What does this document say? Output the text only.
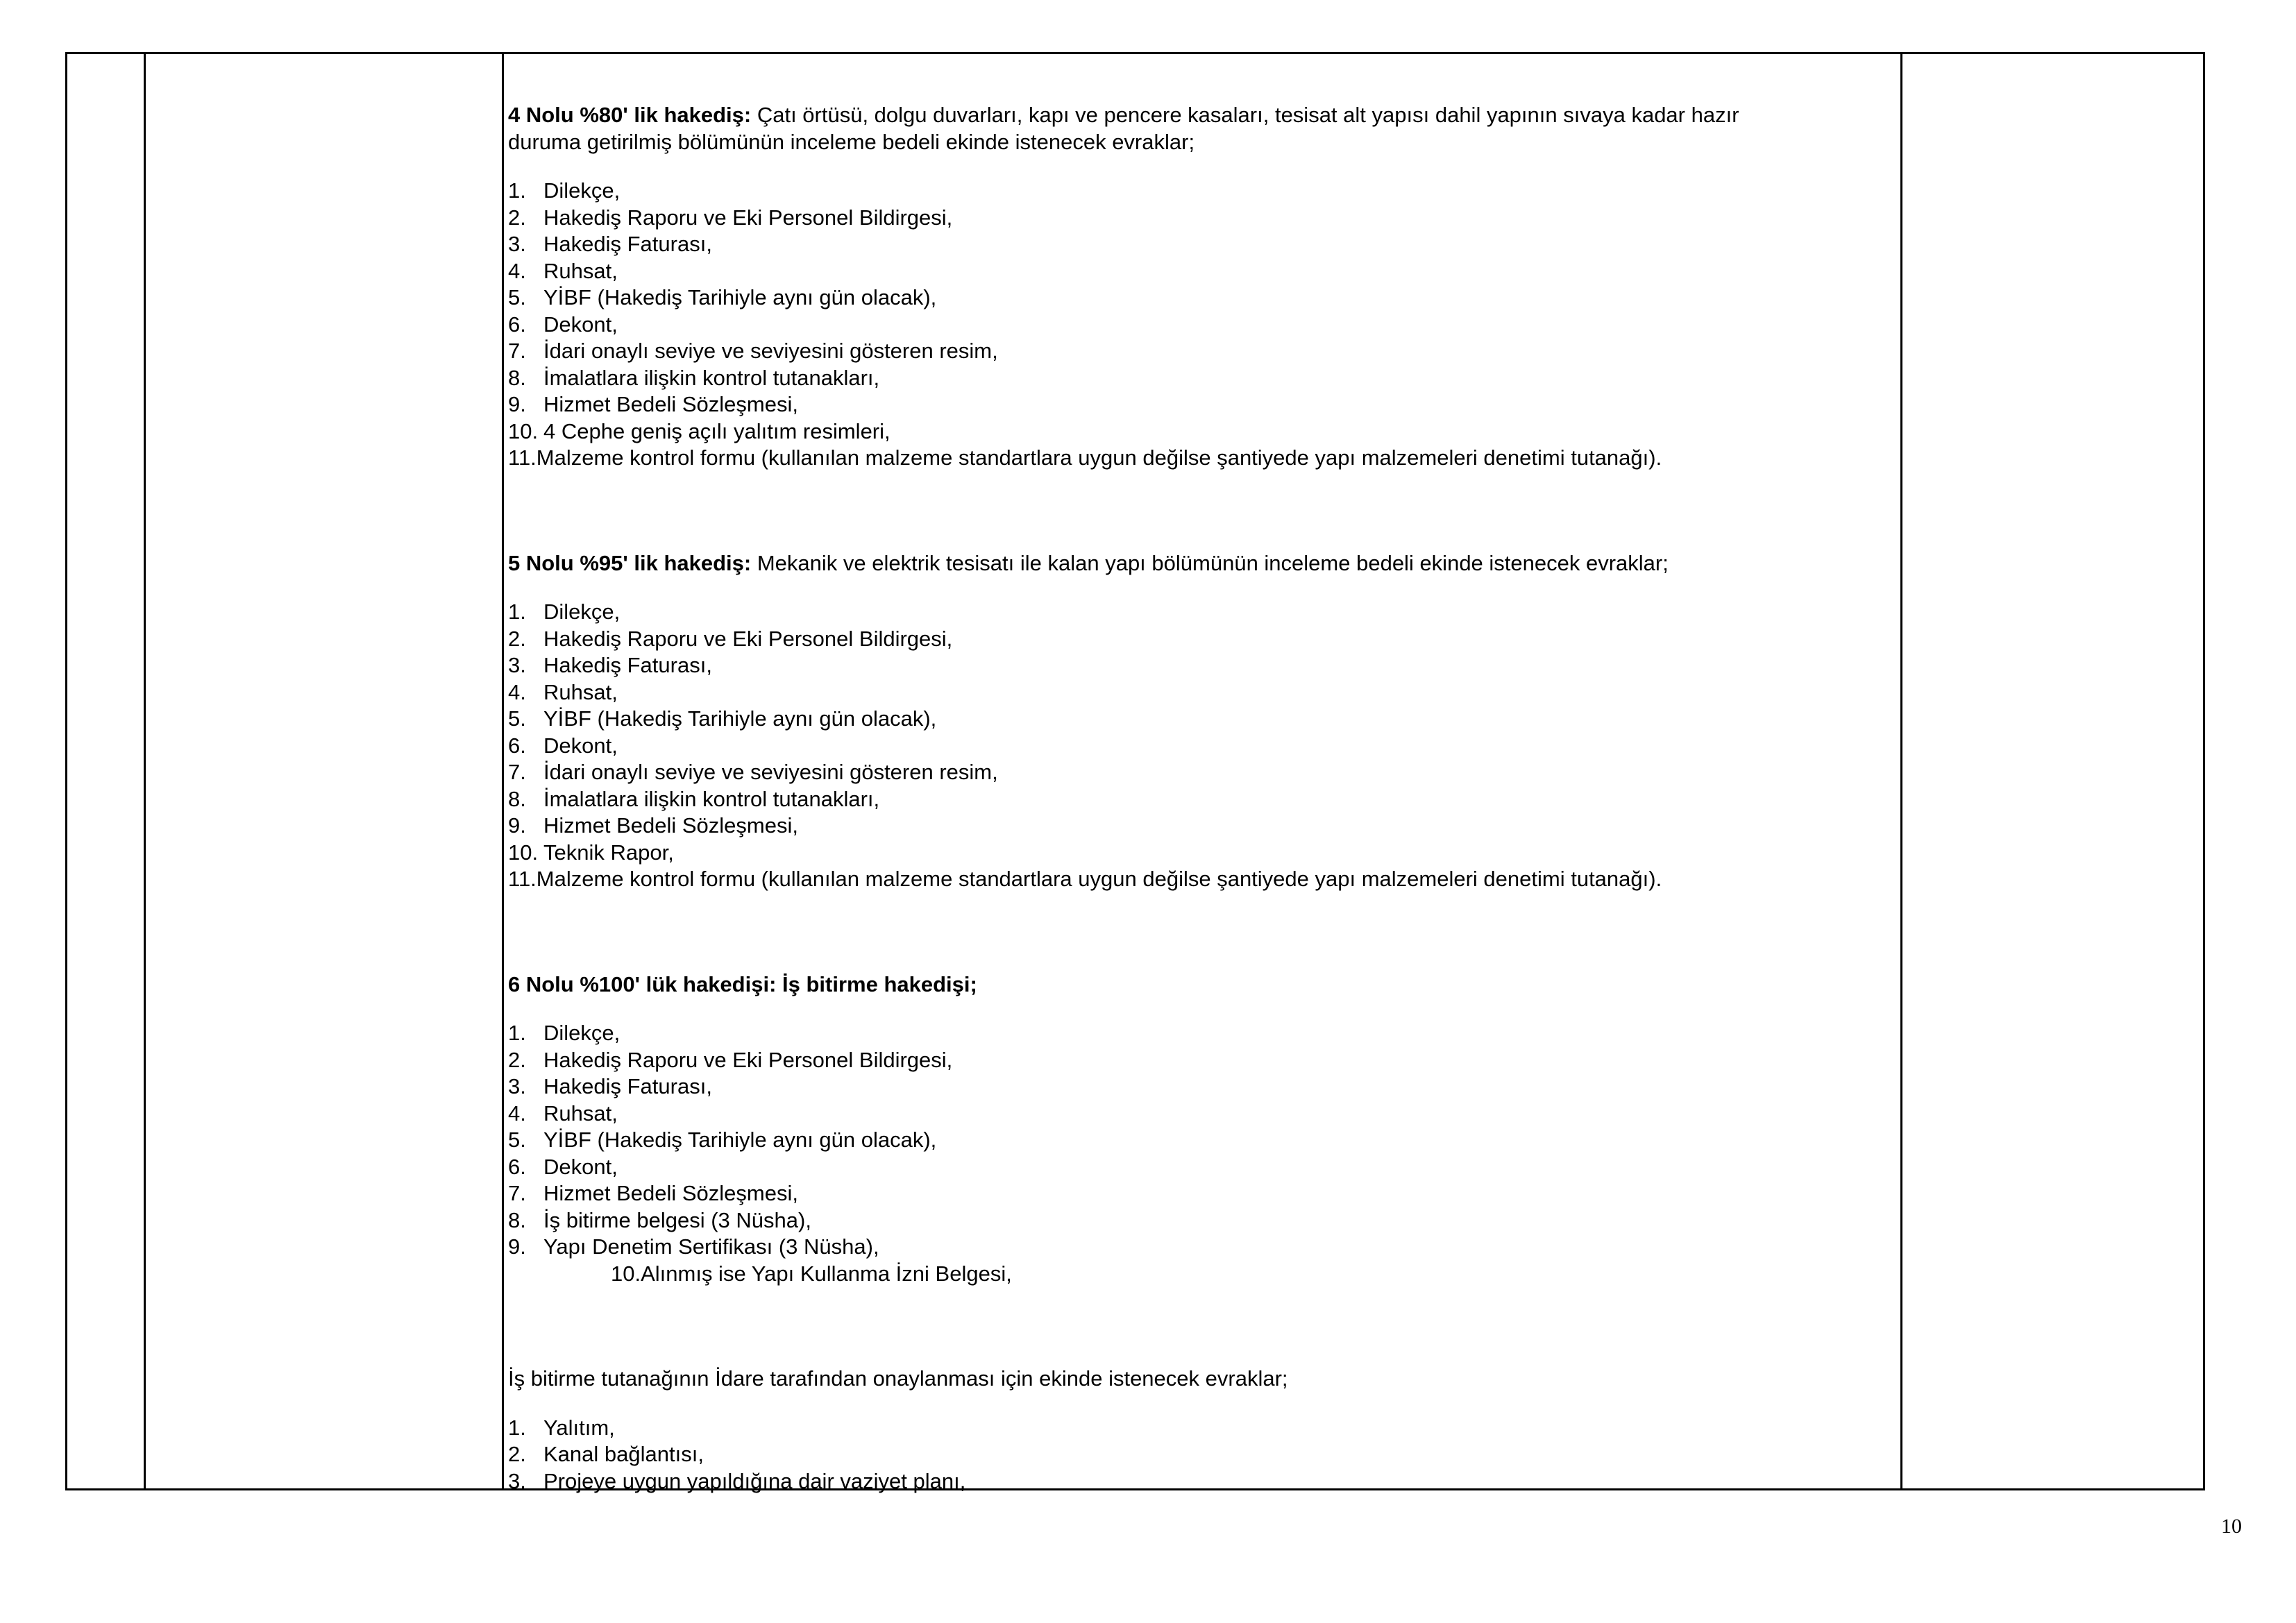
4 Nolu %80' lik hakediş: Çatı örtüsü, dolgu duvarları, kapı ve pencere kasaları, tesisat alt yapısı dahil yapının sıvaya kadar hazır
duruma getirilmiş bölümünün inceleme bedeli ekinde istenecek evraklar;
1. Dilekçe,
2. Hakediş Raporu ve Eki Personel Bildirgesi,
3. Hakediş Faturası,
4. Ruhsat,
5. YİBF (Hakediş Tarihiyle aynı gün olacak),
6. Dekont,
7. İdari onaylı seviye ve seviyesini gösteren resim,
8. İmalatlara ilişkin kontrol tutanakları,
9. Hizmet Bedeli Sözleşmesi,
10. 4 Cephe geniş açılı yalıtım resimleri,
11. Malzeme kontrol formu (kullanılan malzeme standartlara uygun değilse şantiyede yapı malzemeleri denetimi tutanağı).
5 Nolu %95' lik hakediş: Mekanik ve elektrik tesisatı ile kalan yapı bölümünün inceleme bedeli ekinde istenecek evraklar;
1. Dilekçe,
2. Hakediş Raporu ve Eki Personel Bildirgesi,
3. Hakediş Faturası,
4. Ruhsat,
5. YİBF (Hakediş Tarihiyle aynı gün olacak),
6. Dekont,
7. İdari onaylı seviye ve seviyesini gösteren resim,
8. İmalatlara ilişkin kontrol tutanakları,
9. Hizmet Bedeli Sözleşmesi,
10. Teknik Rapor,
11. Malzeme kontrol formu (kullanılan malzeme standartlara uygun değilse şantiyede yapı malzemeleri denetimi tutanağı).
6 Nolu %100' lük hakedişi: İş bitirme hakedişi;
1. Dilekçe,
2. Hakediş Raporu ve Eki Personel Bildirgesi,
3. Hakediş Faturası,
4. Ruhsat,
5. YİBF (Hakediş Tarihiyle aynı gün olacak),
6. Dekont,
7. Hizmet Bedeli Sözleşmesi,
8. İş bitirme belgesi (3 Nüsha),
9. Yapı Denetim Sertifikası (3 Nüsha),
10.Alınmış ise Yapı Kullanma İzni Belgesi,
İş bitirme tutanağının İdare tarafından onaylanması için ekinde istenecek evraklar;
1. Yalıtım,
2. Kanal bağlantısı,
3. Projeye uygun yapıldığına dair vaziyet planı,
10
